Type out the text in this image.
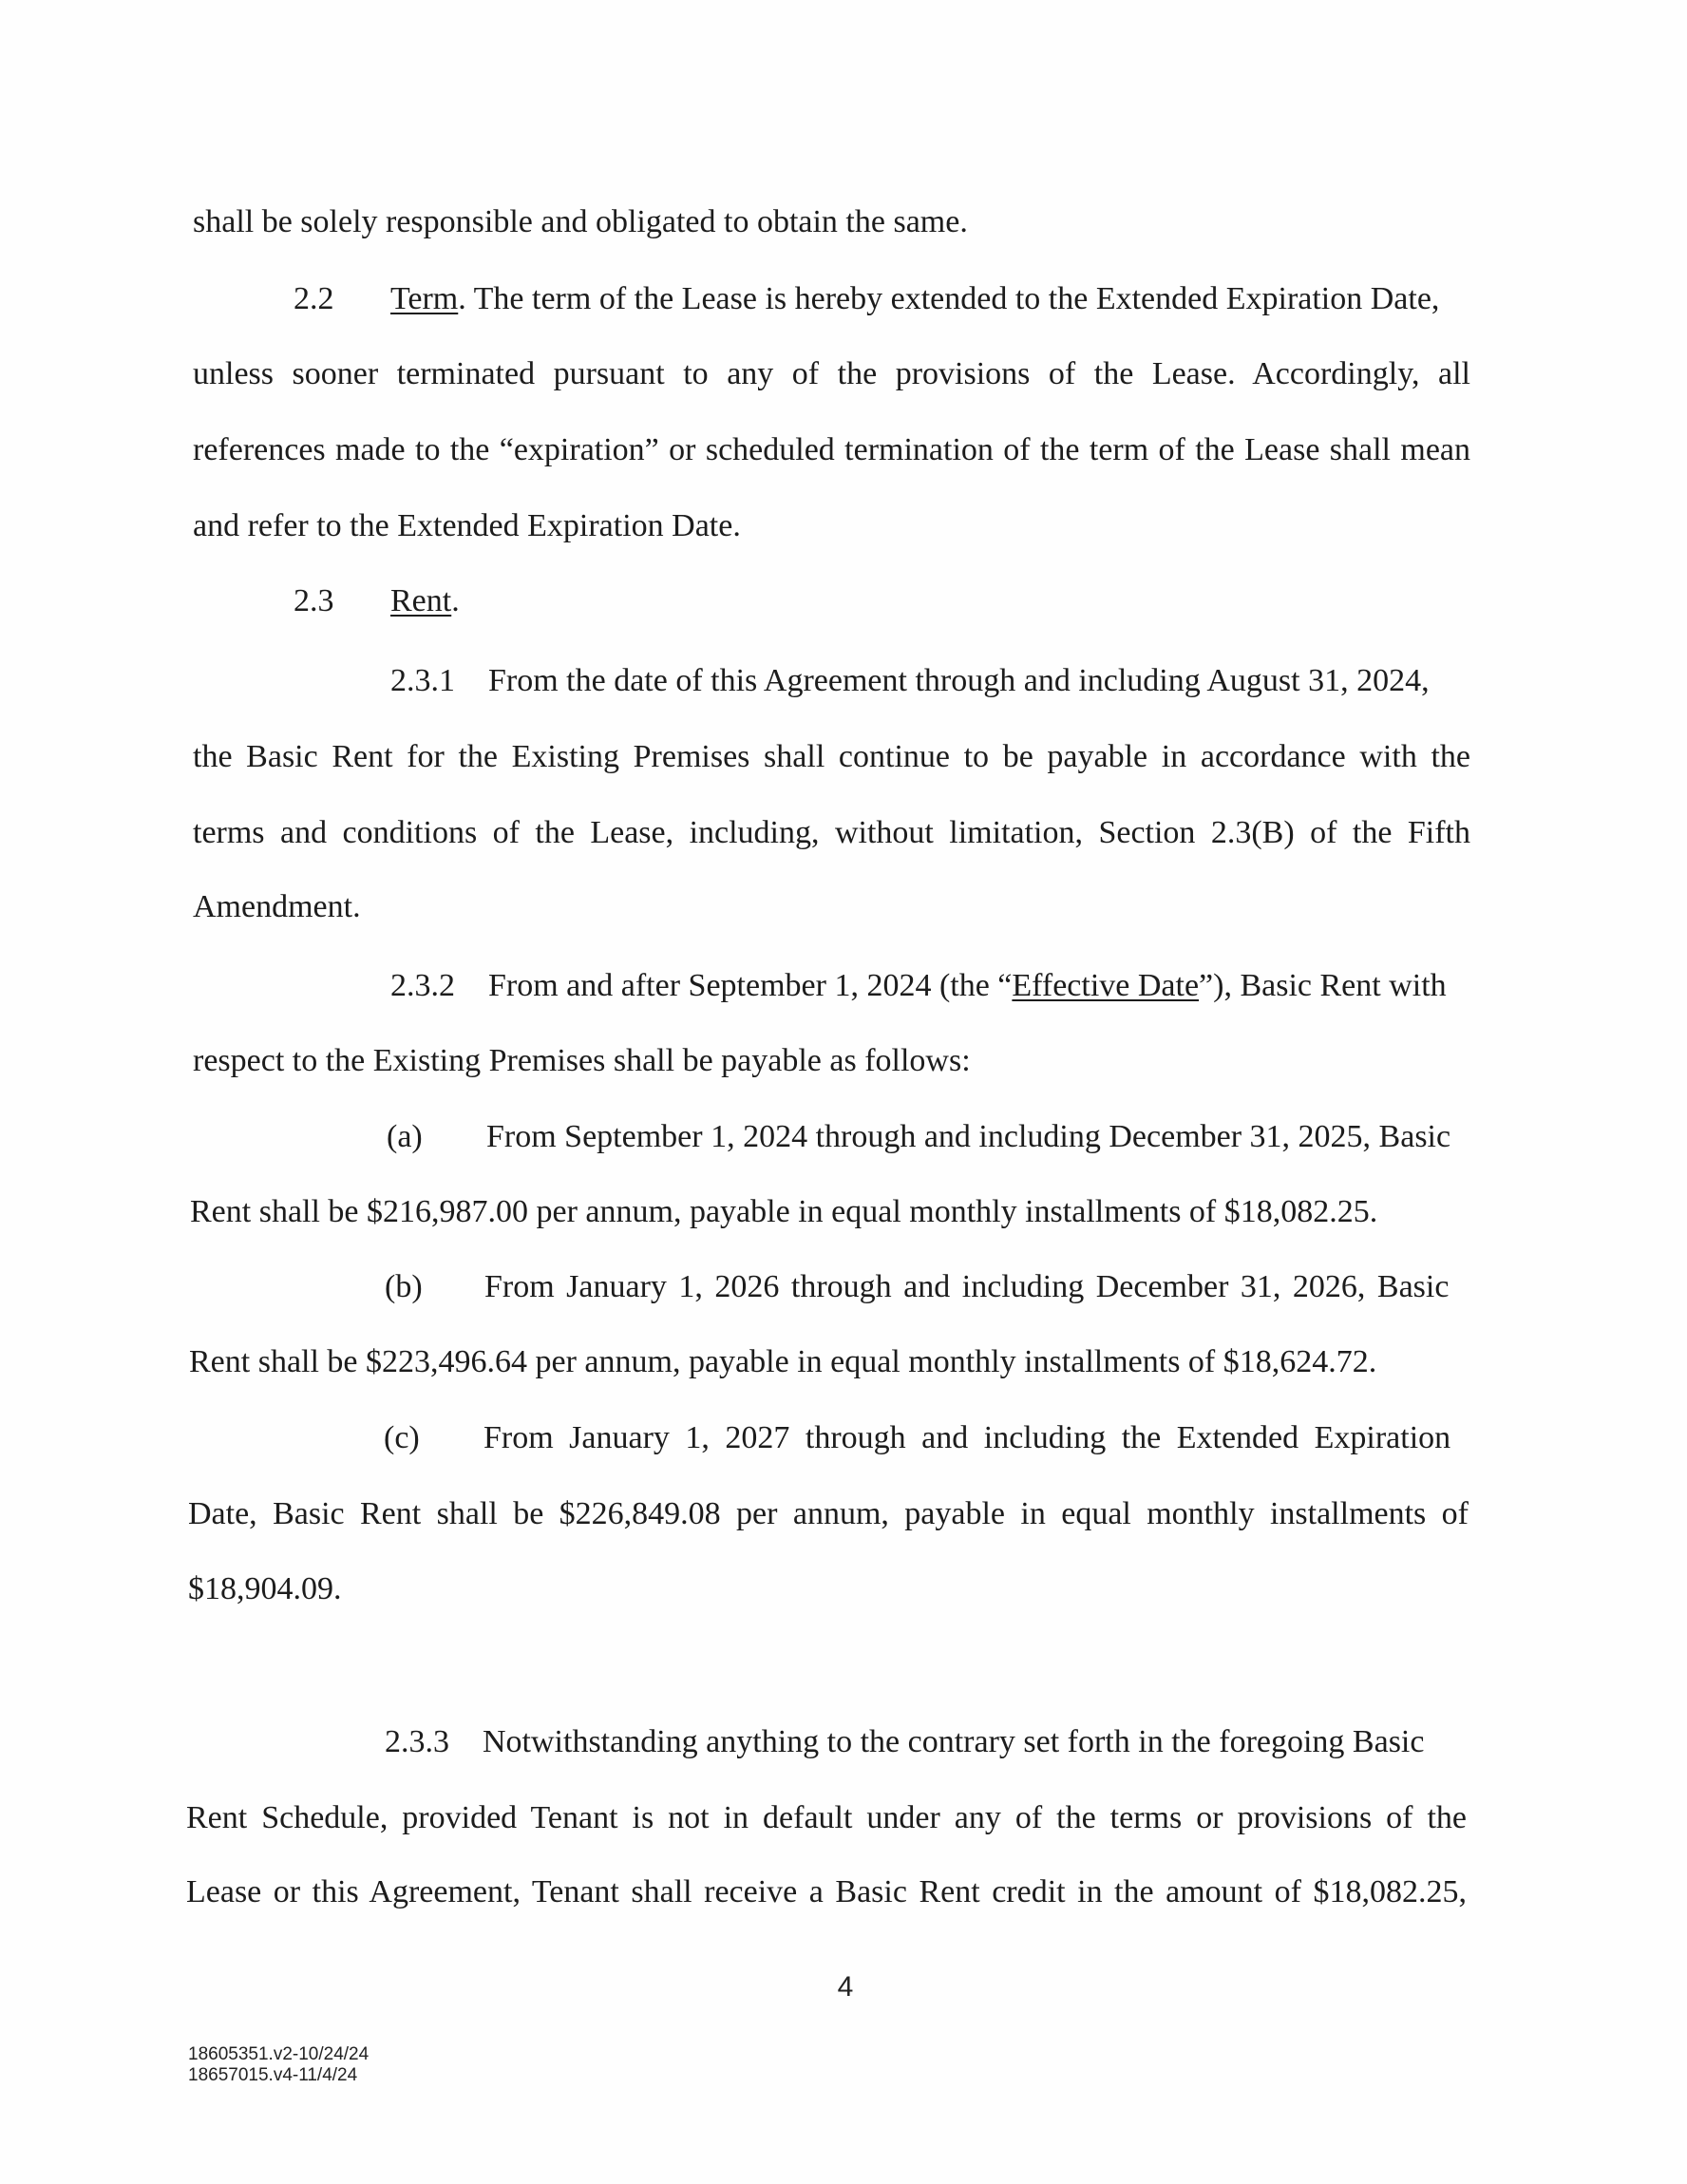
shall be solely responsible and obligated to obtain the same.
2.2 Term. The term of the Lease is hereby extended to the Extended Expiration Date,
unless sooner terminated pursuant to any of the provisions of the Lease. Accordingly, all
references made to the “expiration” or scheduled termination of the term of the Lease shall mean
and refer to the Extended Expiration Date.
2.3 Rent.
2.3.1 From the date of this Agreement through and including August 31, 2024,
the Basic Rent for the Existing Premises shall continue to be payable in accordance with the
terms and conditions of the Lease, including, without limitation, Section 2.3(B) of the Fifth
Amendment.
2.3.2 From and after September 1, 2024 (the “Effective Date”), Basic Rent with
respect to the Existing Premises shall be payable as follows:
(a) From September 1, 2024 through and including December 31, 2025, Basic
Rent shall be $216,987.00 per annum, payable in equal monthly installments of $18,082.25.
(b) From January 1, 2026 through and including December 31, 2026, Basic
Rent shall be $223,496.64 per annum, payable in equal monthly installments of $18,624.72.
(c) From January 1, 2027 through and including the Extended Expiration
Date, Basic Rent shall be $226,849.08 per annum, payable in equal monthly installments of
$18,904.09.
2.3.3 Notwithstanding anything to the contrary set forth in the foregoing Basic
Rent Schedule, provided Tenant is not in default under any of the terms or provisions of the
Lease or this Agreement, Tenant shall receive a Basic Rent credit in the amount of $18,082.25,
4
18605351.v2-10/24/24
18657015.v4-11/4/24
